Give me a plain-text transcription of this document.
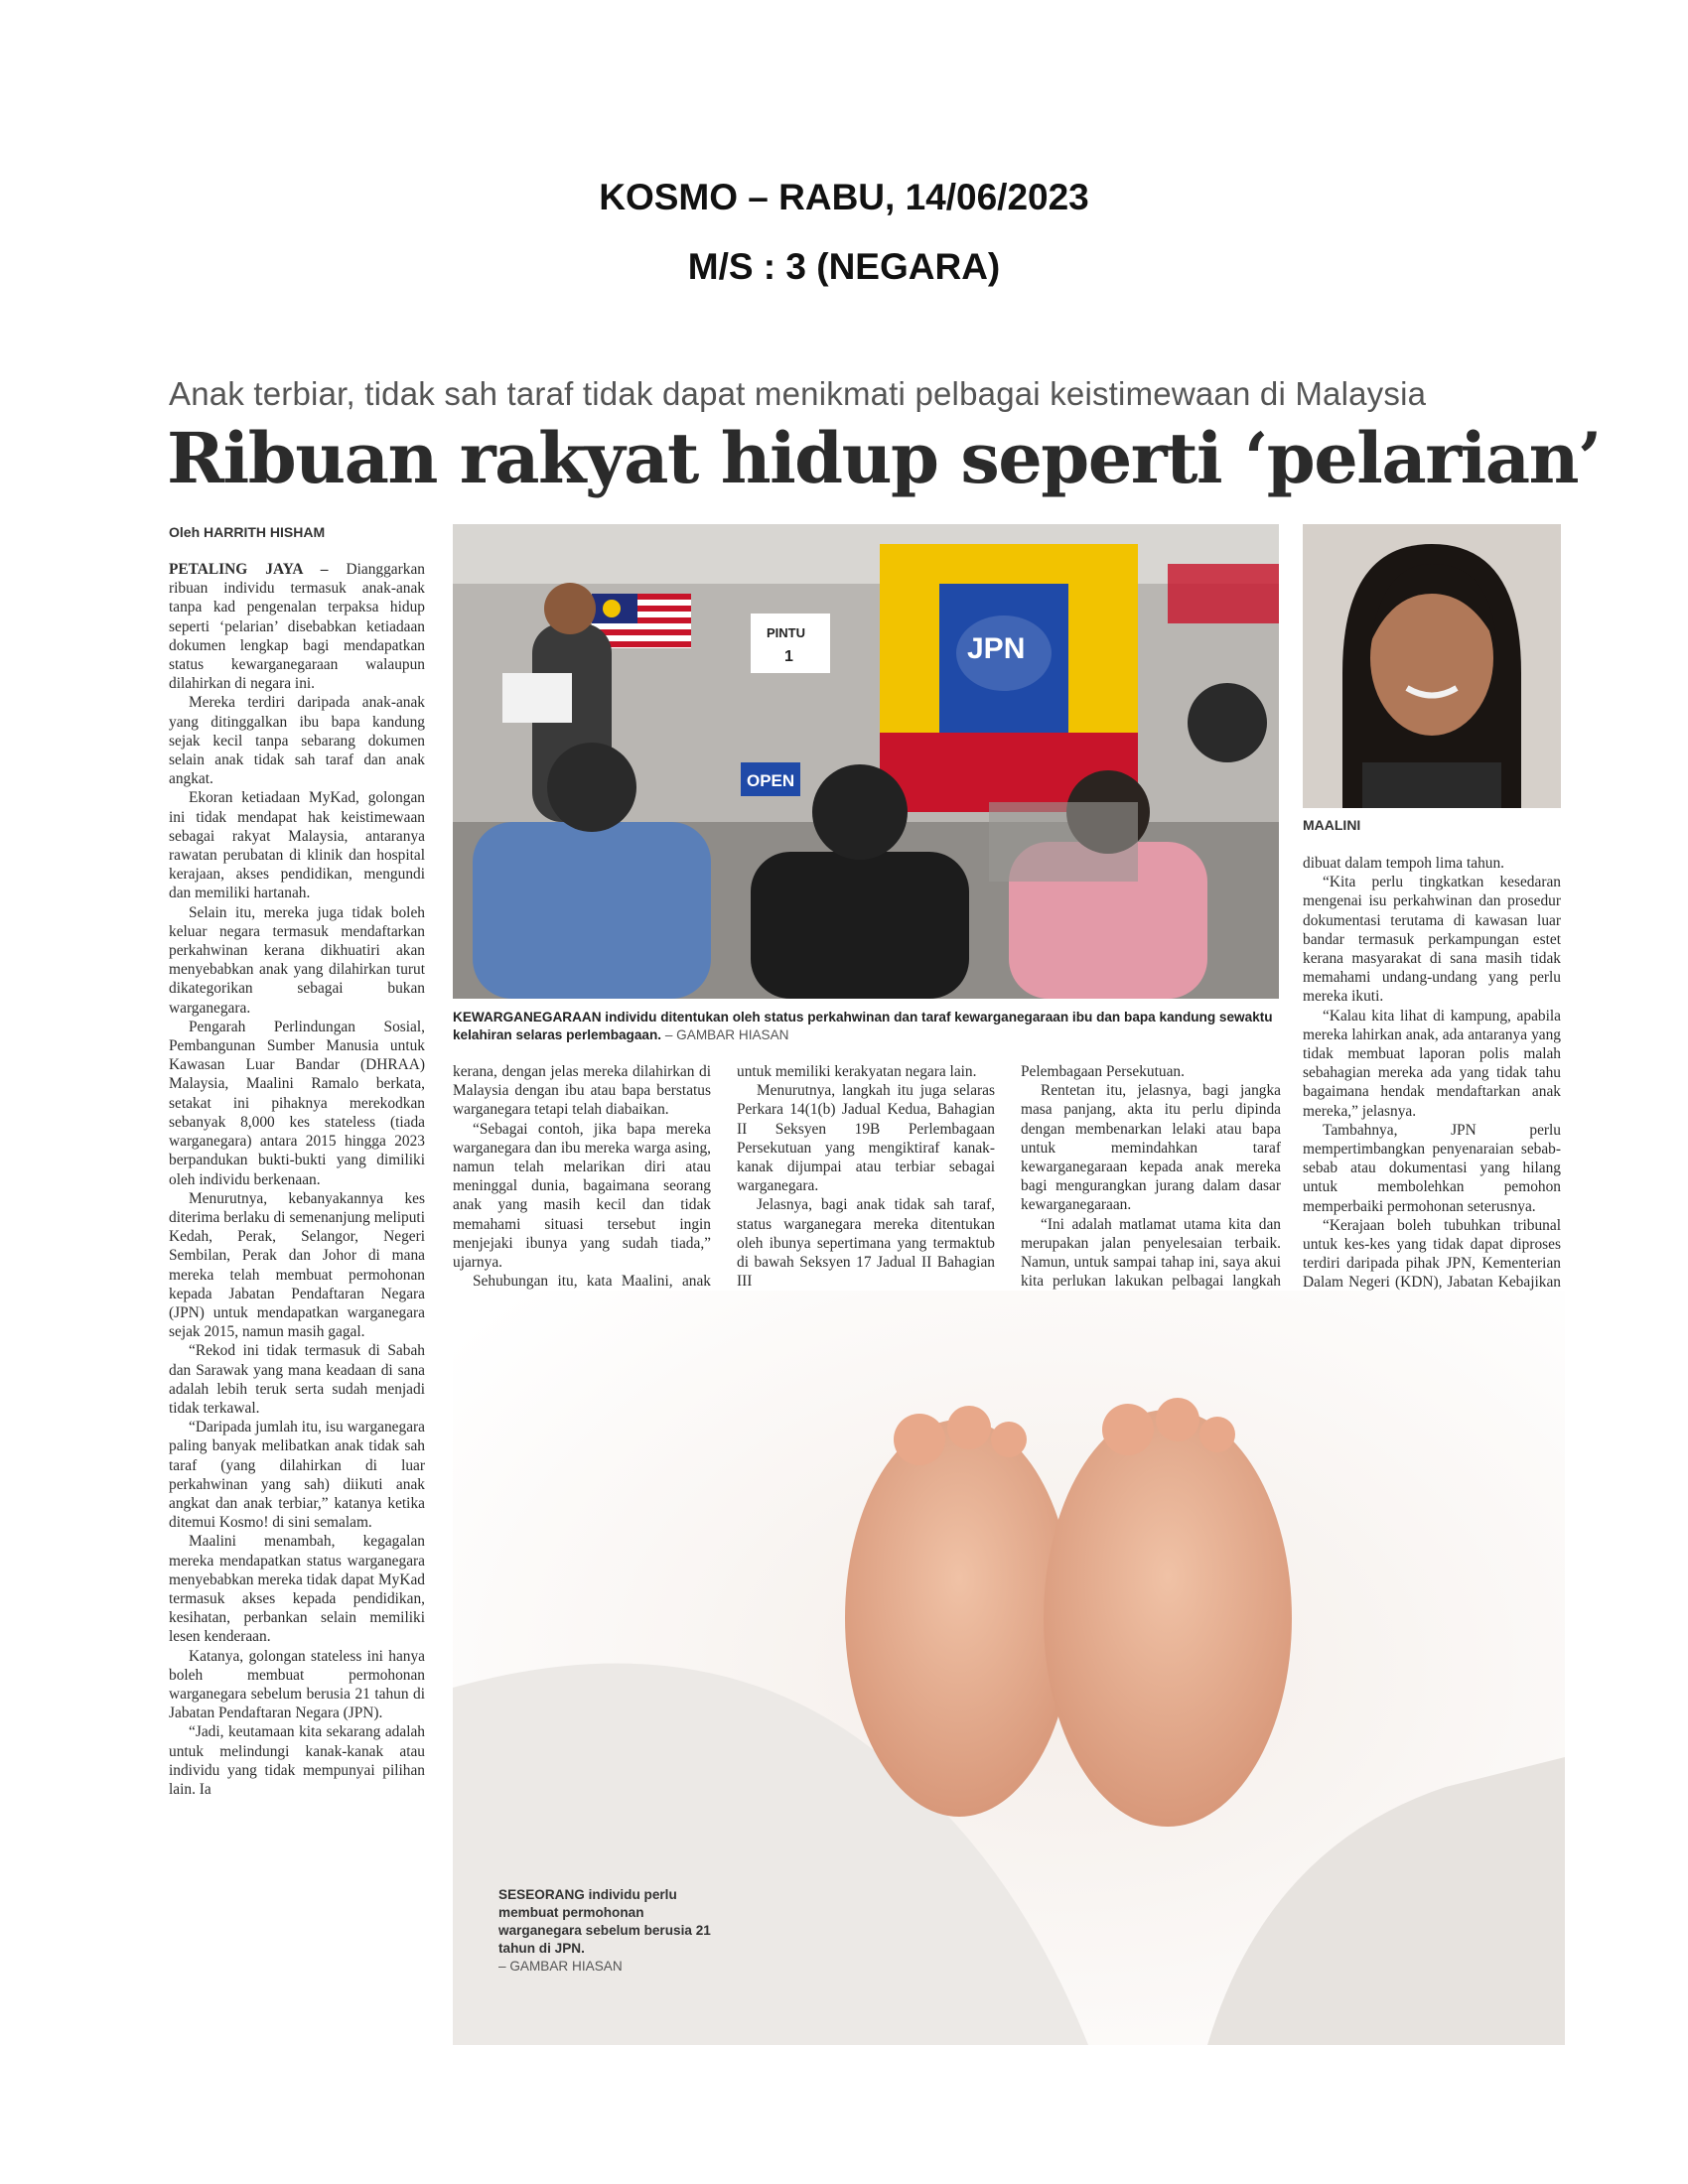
KOSMO – RABU, 14/06/2023
M/S : 3 (NEGARA)
Anak terbiar, tidak sah taraf tidak dapat menikmati pelbagai keistimewaan di Malaysia
Ribuan rakyat hidup seperti ‘pelarian’
Oleh HARRITH HISHAM

PETALING JAYA – Dianggarkan ribuan individu termasuk anak-anak tanpa kad pengenalan terpaksa hidup seperti ‘pelarian’ disebabkan ketiadaan dokumen lengkap bagi mendapatkan status kewarganegaraan walaupun dilahirkan di negara ini.

Mereka terdiri daripada anak-anak yang ditinggalkan ibu bapa kandung sejak kecil tanpa sebarang dokumen selain anak tidak sah taraf dan anak angkat.

Ekoran ketiadaan MyKad, golongan ini tidak mendapat hak keistimewaan sebagai rakyat Malaysia, antaranya rawatan perubatan di klinik dan hospital kerajaan, akses pendidikan, mengundi dan memiliki hartanah.

Selain itu, mereka juga tidak boleh keluar negara termasuk mendaftarkan perkahwinan kerana dikhuatiri akan menyebabkan anak yang dilahirkan turut dikategorikan sebagai bukan warganegara.

Pengarah Perlindungan Sosial, Pembangunan Sumber Manusia untuk Kawasan Luar Bandar (DHRAA) Malaysia, Maalini Ramalo berkata, setakat ini pihaknya merekodkan sebanyak 8,000 kes stateless (tiada warganegara) antara 2015 hingga 2023 berpandukan bukti-bukti yang dimiliki oleh individu berkenaan.

Menurutnya, kebanyakannya kes diterima berlaku di semenanjung meliputi Kedah, Perak, Selangor, Negeri Sembilan, Perak dan Johor di mana mereka telah membuat permohonan kepada Jabatan Pendaftaran Negara (JPN) untuk mendapatkan warganegara sejak 2015, namun masih gagal.

“Rekod ini tidak termasuk di Sabah dan Sarawak yang mana keadaan di sana adalah lebih teruk serta sudah menjadi tidak terkawal.

“Daripada jumlah itu, isu warganegara paling banyak melibatkan anak tidak sah taraf (yang dilahirkan di luar perkahwinan yang sah) diikuti anak angkat dan anak terbiar,” katanya ketika ditemui Kosmo! di sini semalam.

Maalini menambah, kegagalan mereka mendapatkan status warganegara menyebabkan mereka tidak dapat MyKad termasuk akses kepada pendidikan, kesihatan, perbankan selain memiliki lesen kenderaan.

Katanya, golongan stateless ini hanya boleh membuat permohonan warganegara sebelum berusia 21 tahun di Jabatan Pendaftaran Negara (JPN).

“Jadi, keutamaan kita sekarang adalah untuk melindungi kanak-kanak atau individu yang tidak mempunyai pilihan lain. Ia

JPN
PINTU
1
OPEN
KEWARGANEGARAAN individu ditentukan oleh status perkahwinan dan taraf kewarganegaraan ibu dan bapa kandung sewaktu kelahiran selaras perlembagaan. – GAMBAR HIASAN
MAALINI

kerana, dengan jelas mereka dilahirkan di Malaysia dengan ibu atau bapa berstatus warganegara tetapi telah diabaikan.

“Sebagai contoh, jika bapa mereka warganegara dan ibu mereka warga asing, namun telah melarikan diri atau meninggal dunia, bagaimana seorang anak yang masih kecil dan tidak memahami situasi tersebut ingin menjejaki ibunya yang sudah tiada,” ujarnya.

Sehubungan itu, kata Maalini, anak

untuk memiliki kerakyatan negara lain.

Menurutnya, langkah itu juga selaras Perkara 14(1(b) Jadual Kedua, Bahagian II Seksyen 19B Perlembagaan Persekutuan yang mengiktiraf kanak-kanak dijumpai atau terbiar sebagai warganegara.

Jelasnya, bagi anak tidak sah taraf, status warganegara mereka ditentukan oleh ibunya sepertimana yang termaktub di bawah Seksyen 17 Jadual II Bahagian III

Pelembagaan Persekutuan.

Rentetan itu, jelasnya, bagi jangka masa panjang, akta itu perlu dipinda dengan membenarkan lelaki atau bapa untuk memindahkan taraf kewarganegaraan kepada anak mereka bagi mengurangkan jurang dalam dasar kewarganegaraan.

“Ini adalah matlamat utama kita dan merupakan jalan penyelesaian terbaik. Namun, untuk sampai tahap ini, saya akui kita perlukan lakukan pelbagai langkah

dibuat dalam tempoh lima tahun.

“Kita perlu tingkatkan kesedaran mengenai isu perkahwinan dan prosedur dokumentasi terutama di kawasan luar bandar termasuk perkampungan estet kerana masyarakat di sana masih tidak memahami undang-undang yang perlu mereka ikuti.

“Kalau kita lihat di kampung, apabila mereka lahirkan anak, ada antaranya yang tidak membuat laporan polis malah sebahagian mereka ada yang tidak tahu bagaimana hendak mendaftarkan anak mereka,” jelasnya.

Tambahnya, JPN perlu mempertimbangkan penyenaraian sebab-sebab atau dokumentasi yang hilang untuk membolehkan pemohon memperbaiki permohonan seterusnya.

“Kerajaan boleh tubuhkan tribunal untuk kes-kes yang tidak dapat diproses terdiri daripada pihak JPN, Kementerian Dalam Negeri (KDN), Jabatan Kebajikan

SESEORANG individu perlu membuat permohonan warganegara sebelum berusia 21 tahun di JPN.
– GAMBAR HIASAN
